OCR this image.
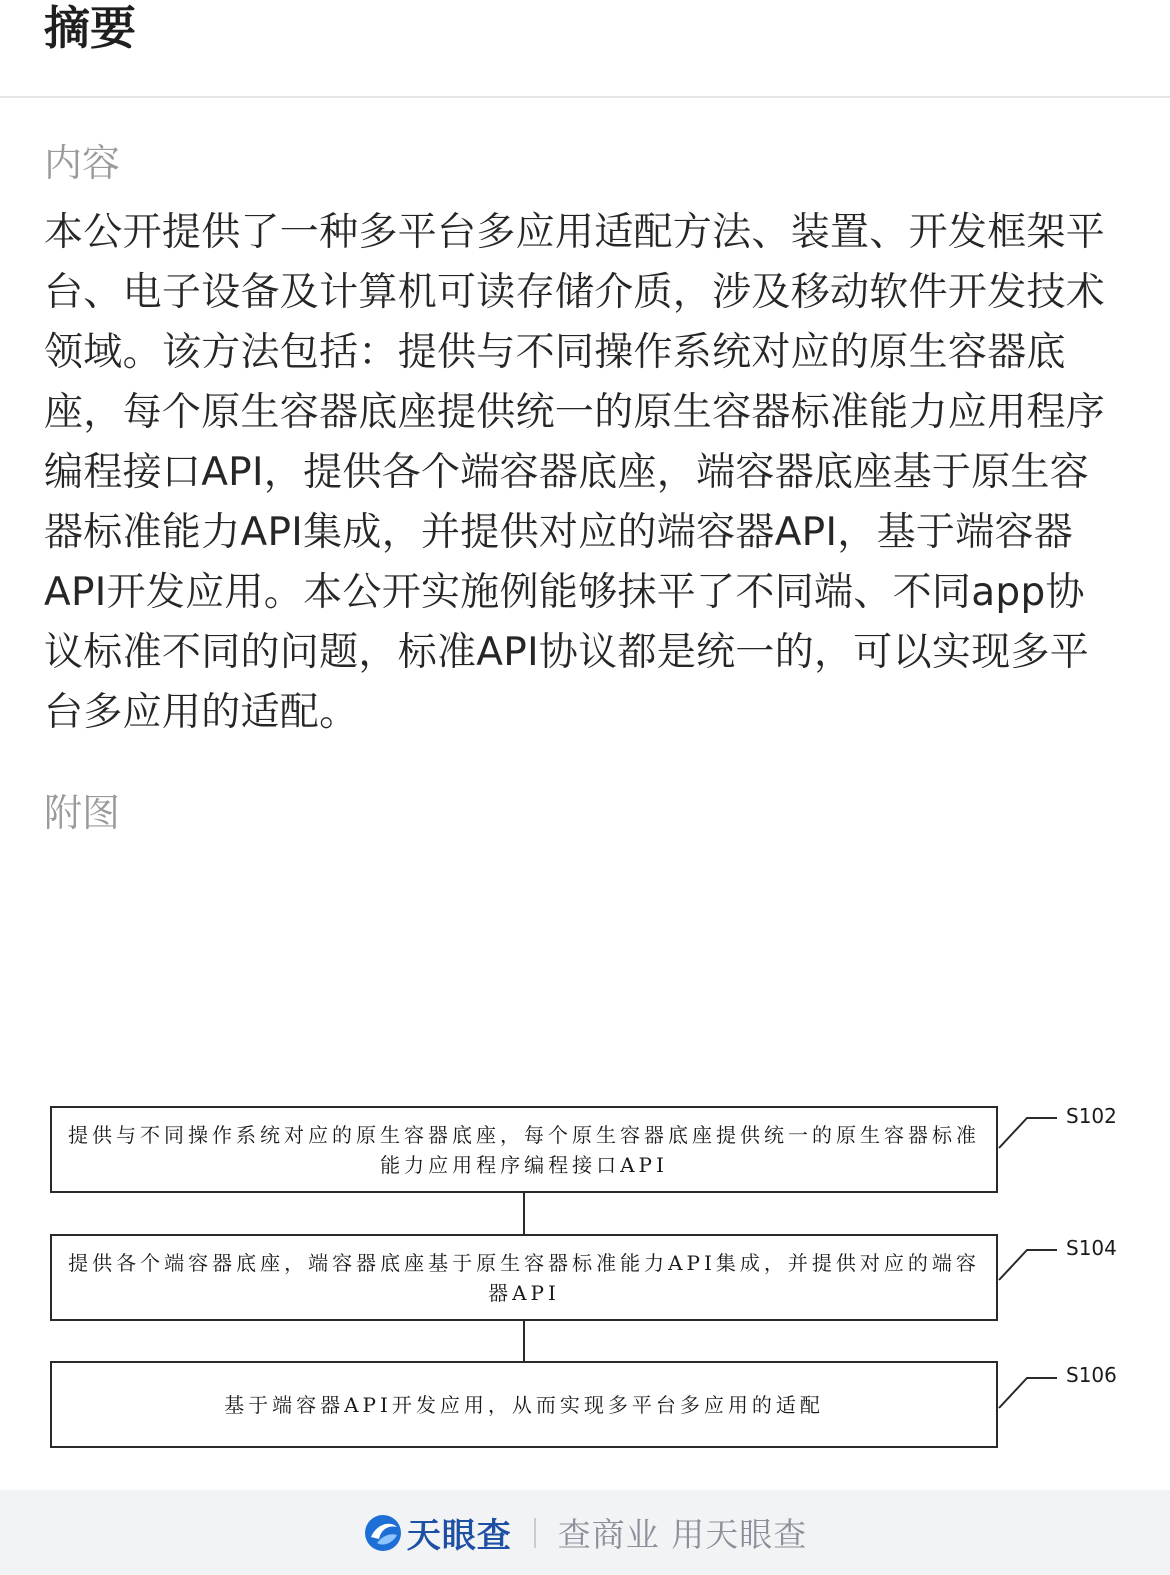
摘要
内容
本公开提供了一种多平台多应用适配方法、装置、开发框架平台、电子设备及计算机可读存储介质，涉及移动软件开发技术领域。该方法包括：提供与不同操作系统对应的原生容器底座，每个原生容器底座提供统一的原生容器标准能力应用程序编程接口API，提供各个端容器底座，端容器底座基于原生容器标准能力API集成，并提供对应的端容器API，基于端容器API开发应用。本公开实施例能够抹平了不同端、不同app协议标准不同的问题，标准API协议都是统一的，可以实现多平台多应用的适配。
附图
提供与不同操作系统对应的原生容器底座，每个原生容器底座提供统一的原生容器标准能力应用程序编程接口API
提供各个端容器底座，端容器底座基于原生容器标准能力API集成，并提供对应的端容器API
基于端容器API开发应用，从而实现多平台多应用的适配
S102
S104
S106
天眼查 查商业 用天眼查
